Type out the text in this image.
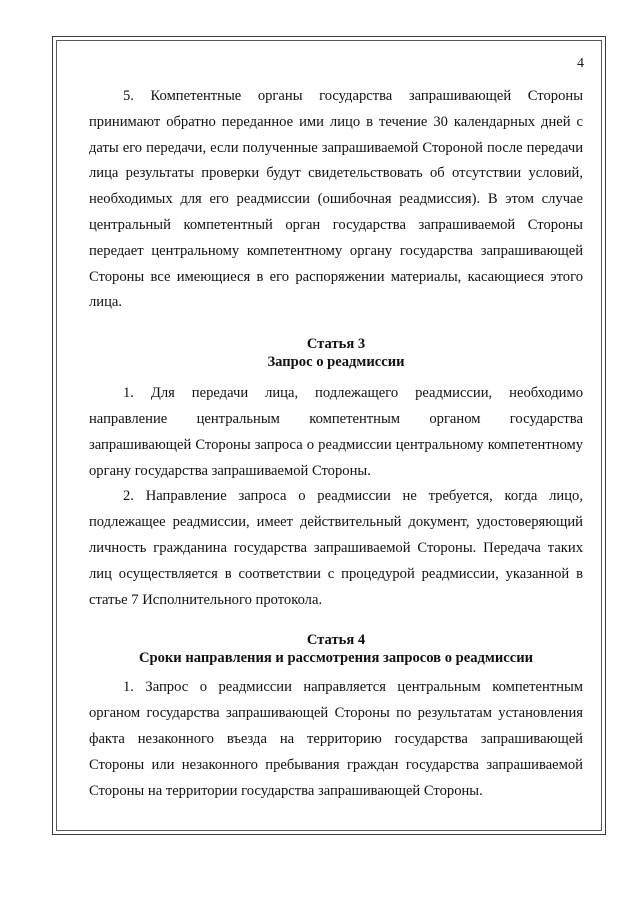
4

5. Компетентные органы государства запрашивающей Стороны принимают обратно переданное ими лицо в течение 30 календарных дней с даты его передачи, если полученные запрашиваемой Стороной после передачи лица результаты проверки будут свидетельствовать об отсутствии условий, необходимых для его реадмиссии (ошибочная реадмиссия). В этом случае центральный компетентный орган государства запрашиваемой Стороны передает центральному компетентному органу государства запрашивающей Стороны все имеющиеся в его распоряжении материалы, касающиеся этого лица.

Статья 3

Запрос о реадмиссии

1. Для передачи лица, подлежащего реадмиссии, необходимо направление центральным компетентным органом государства запрашивающей Стороны запроса о реадмиссии центральному компетентному органу государства запрашиваемой Стороны.

2. Направление запроса о реадмиссии не требуется, когда лицо, подлежащее реадмиссии, имеет действительный документ, удостоверяющий личность гражданина государства запрашиваемой Стороны. Передача таких лиц осуществляется в соответствии с процедурой реадмиссии, указанной в статье 7 Исполнительного протокола.

Статья 4

Сроки направления и рассмотрения запросов о реадмиссии

1. Запрос о реадмиссии направляется центральным компетентным органом государства запрашивающей Стороны по результатам установления факта незаконного въезда на территорию государства запрашивающей Стороны или незаконного пребывания граждан государства запрашиваемой Стороны на территории государства запрашивающей Стороны.
